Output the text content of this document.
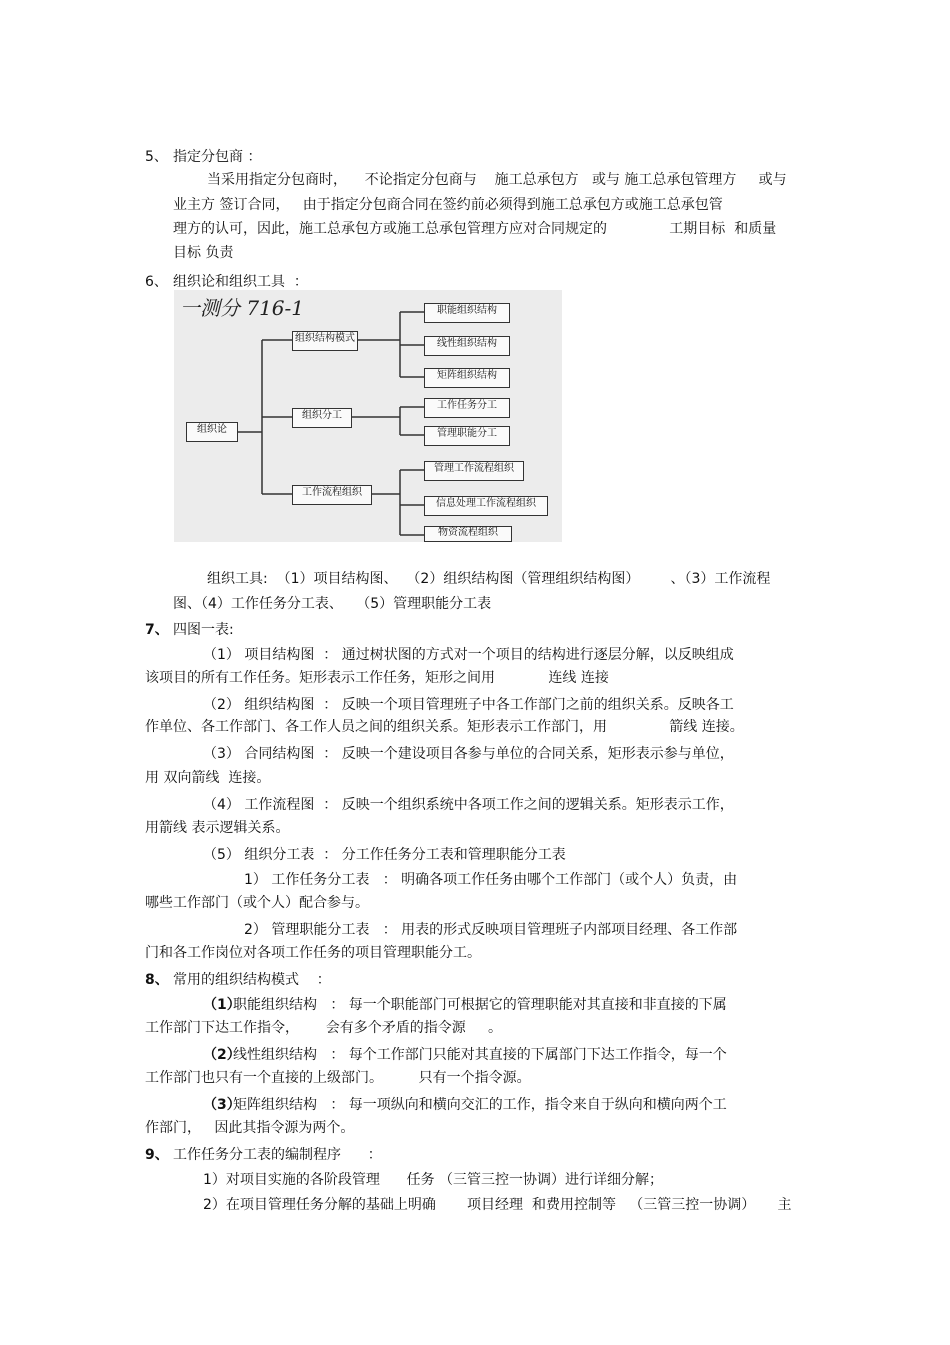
5、 指定分包商 ：
当采用指定分包商时，    不论指定分包商与    施工总承包方   或与 施工总承包管理方     或与
业主方 签订合同，   由于指定分包商合同在签约前必须得到施工总承包方或施工总承包管
理方的认可，因此，施工总承包方或施工总承包管理方应对合同规定的              工期目标  和质量
目标 负责
6、 组织论和组织工具  ：
一测分 716-1
组织论
组织结构模式
组织分工
工作流程组织
职能组织结构
线性组织结构
矩阵组织结构
工作任务分工
管理职能分工
管理工作流程组织
信息处理工作流程组织
物资流程组织
组织工具:  （1）项目结构图、  （2）组织结构图（管理组织结构图）       、（3）工作流程
图、（4）工作任务分工表、   （5）管理职能分工表
7、 四图一表:
（1） 项目结构图  ： 通过树状图的方式对一个项目的结构进行逐层分解，以反映组成
该项目的所有工作任务。矩形表示工作任务，矩形之间用            连线 连接
（2） 组织结构图  ： 反映一个项目管理班子中各工作部门之前的组织关系。反映各工
作单位、各工作部门、各工作人员之间的组织关系。矩形表示工作部门，用              箭线 连接。
（3） 合同结构图  ： 反映一个建设项目各参与单位的合同关系，矩形表示参与单位，
用 双向箭线  连接。
（4） 工作流程图  ： 反映一个组织系统中各项工作之间的逻辑关系。矩形表示工作，
用箭线 表示逻辑关系。
（5） 组织分工表  ： 分工作任务分工表和管理职能分工表
1） 工作任务分工表   ： 明确各项工作任务由哪个工作部门（或个人）负责，由
哪些工作部门（或个人）配合参与。
2） 管理职能分工表   ： 用表的形式反映项目管理班子内部项目经理、各工作部
门和各工作岗位对各项工作任务的项目管理职能分工。
8、 常用的组织结构模式    ：
（1）
职能组织结构   ： 每一个职能部门可根据它的管理职能对其直接和非直接的下属
工作部门下达工作指令，      会有多个矛盾的指令源     。
（2）
线性组织结构   ： 每个工作部门只能对其直接的下属部门下达工作指令，每一个
工作部门也只有一个直接的上级部门。        只有一个指令源。
（3）
矩阵组织结构   ： 每一项纵向和横向交汇的工作，指令来自于纵向和横向两个工
作部门，   因此其指令源为两个。
9、 工作任务分工表的编制程序      ：
1）对项目实施的各阶段管理      任务 （三管三控一协调）进行详细分解；
2）在项目管理任务分解的基础上明确       项目经理  和费用控制等   （三管三控一协调）     主
